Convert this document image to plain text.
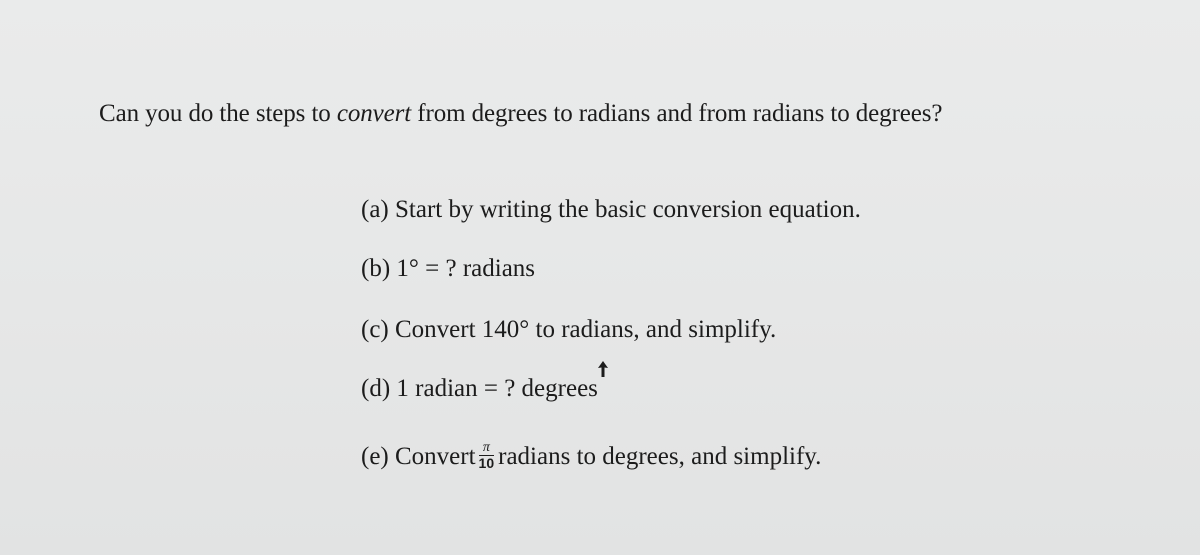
Can you do the steps to convert from degrees to radians and from radians to degrees?
(a) Start by writing the basic conversion equation.
(b) 1° = ? radians
(c) Convert 140° to radians, and simplify.
(d) 1 radian = ? degrees
(e) Convert $\frac{\pi}{10}$ radians to degrees, and simplify.
